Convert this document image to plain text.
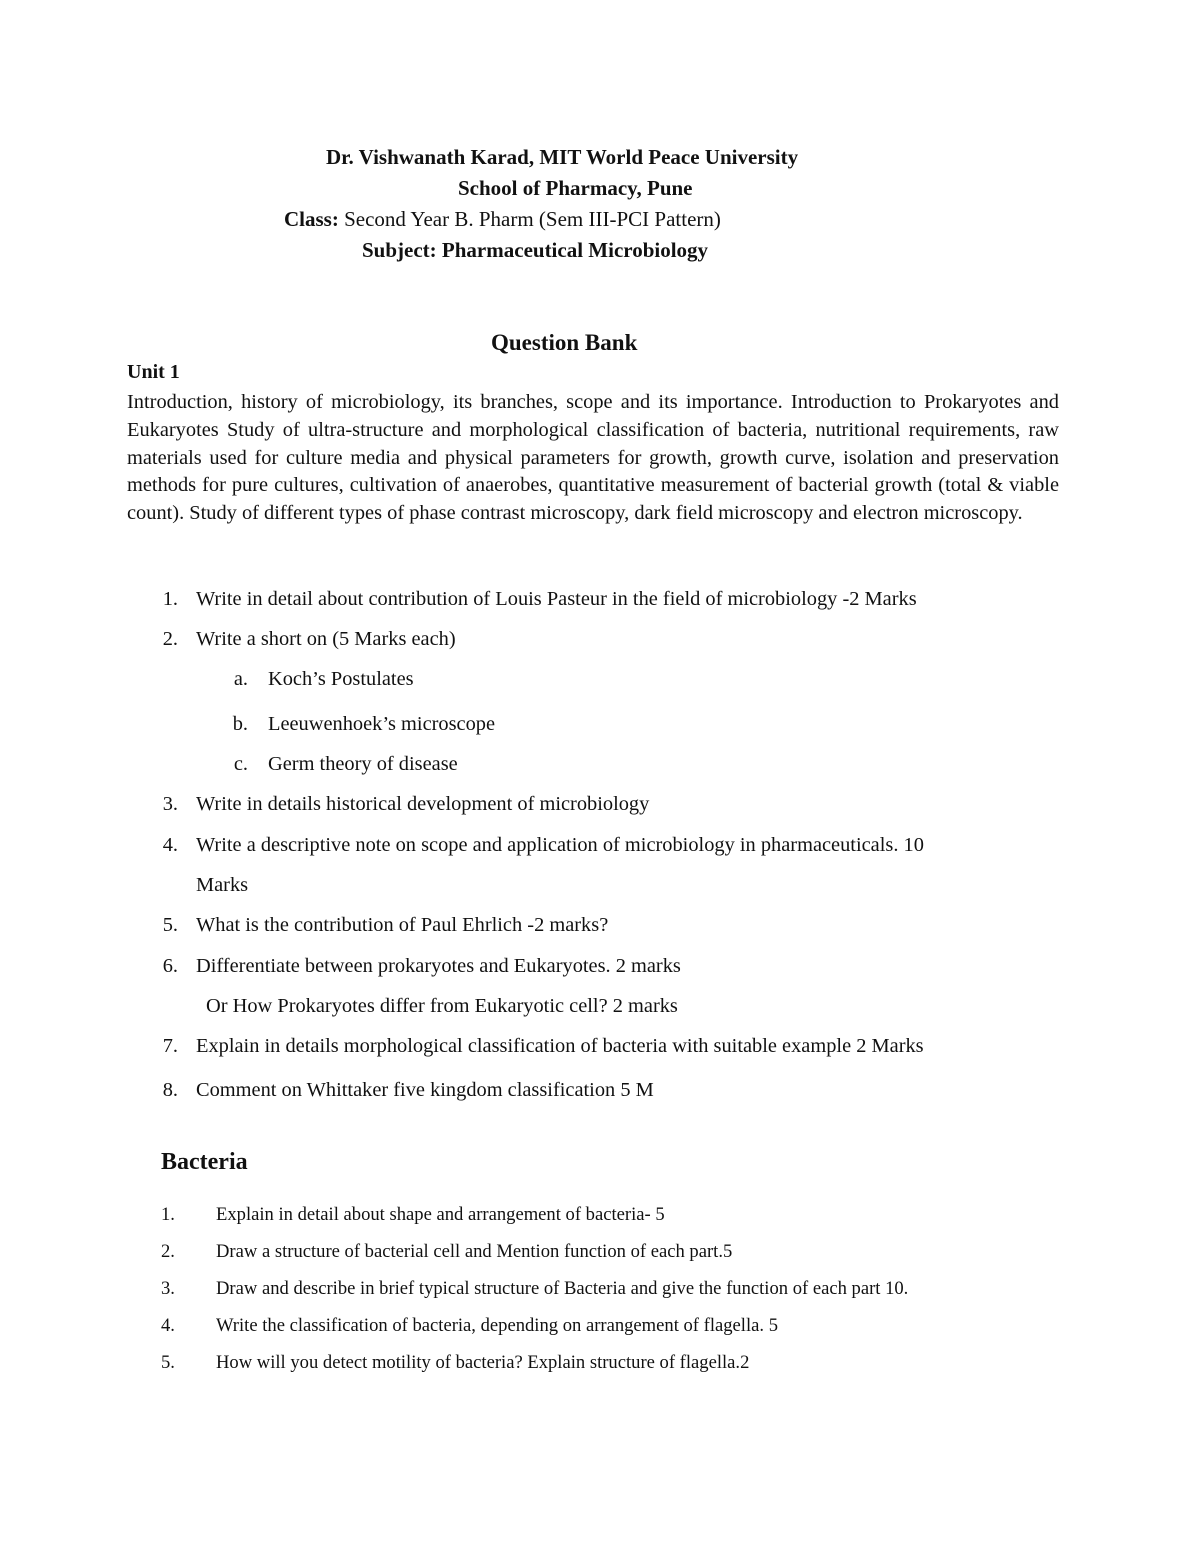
Dr. Vishwanath Karad, MIT World Peace University
School of Pharmacy, Pune
Class: Second Year B. Pharm (Sem III-PCI Pattern)
Subject: Pharmaceutical Microbiology
Question Bank
Unit 1
Introduction, history of microbiology, its branches, scope and its importance. Introduction to Prokaryotes and Eukaryotes Study of ultra-structure and morphological classification of bacteria, nutritional requirements, raw materials used for culture media and physical parameters for growth, growth curve, isolation and preservation methods for pure cultures, cultivation of anaerobes, quantitative measurement of bacterial growth (total & viable count). Study of different types of phase contrast microscopy, dark field microscopy and electron microscopy.
1. Write in detail about contribution of Louis Pasteur in the field of microbiology -2 Marks
2. Write a short on (5 Marks each)
a. Koch’s Postulates
b. Leeuwenhoek’s microscope
c. Germ theory of disease
3. Write in details historical development of microbiology
4. Write a descriptive note on scope and application of microbiology in pharmaceuticals. 10
Marks
5. What is the contribution of Paul Ehrlich -2 marks?
6. Differentiate between prokaryotes and Eukaryotes. 2 marks
Or How Prokaryotes differ from Eukaryotic cell? 2 marks
7. Explain in details morphological classification of bacteria with suitable example 2 Marks
8. Comment on Whittaker five kingdom classification 5 M
Bacteria
1. Explain in detail about shape and arrangement of bacteria- 5
2. Draw a structure of bacterial cell and Mention function of each part.5
3. Draw and describe in brief typical structure of Bacteria and give the function of each part 10.
4. Write the classification of bacteria, depending on arrangement of flagella. 5
5. How will you detect motility of bacteria? Explain structure of flagella.2
